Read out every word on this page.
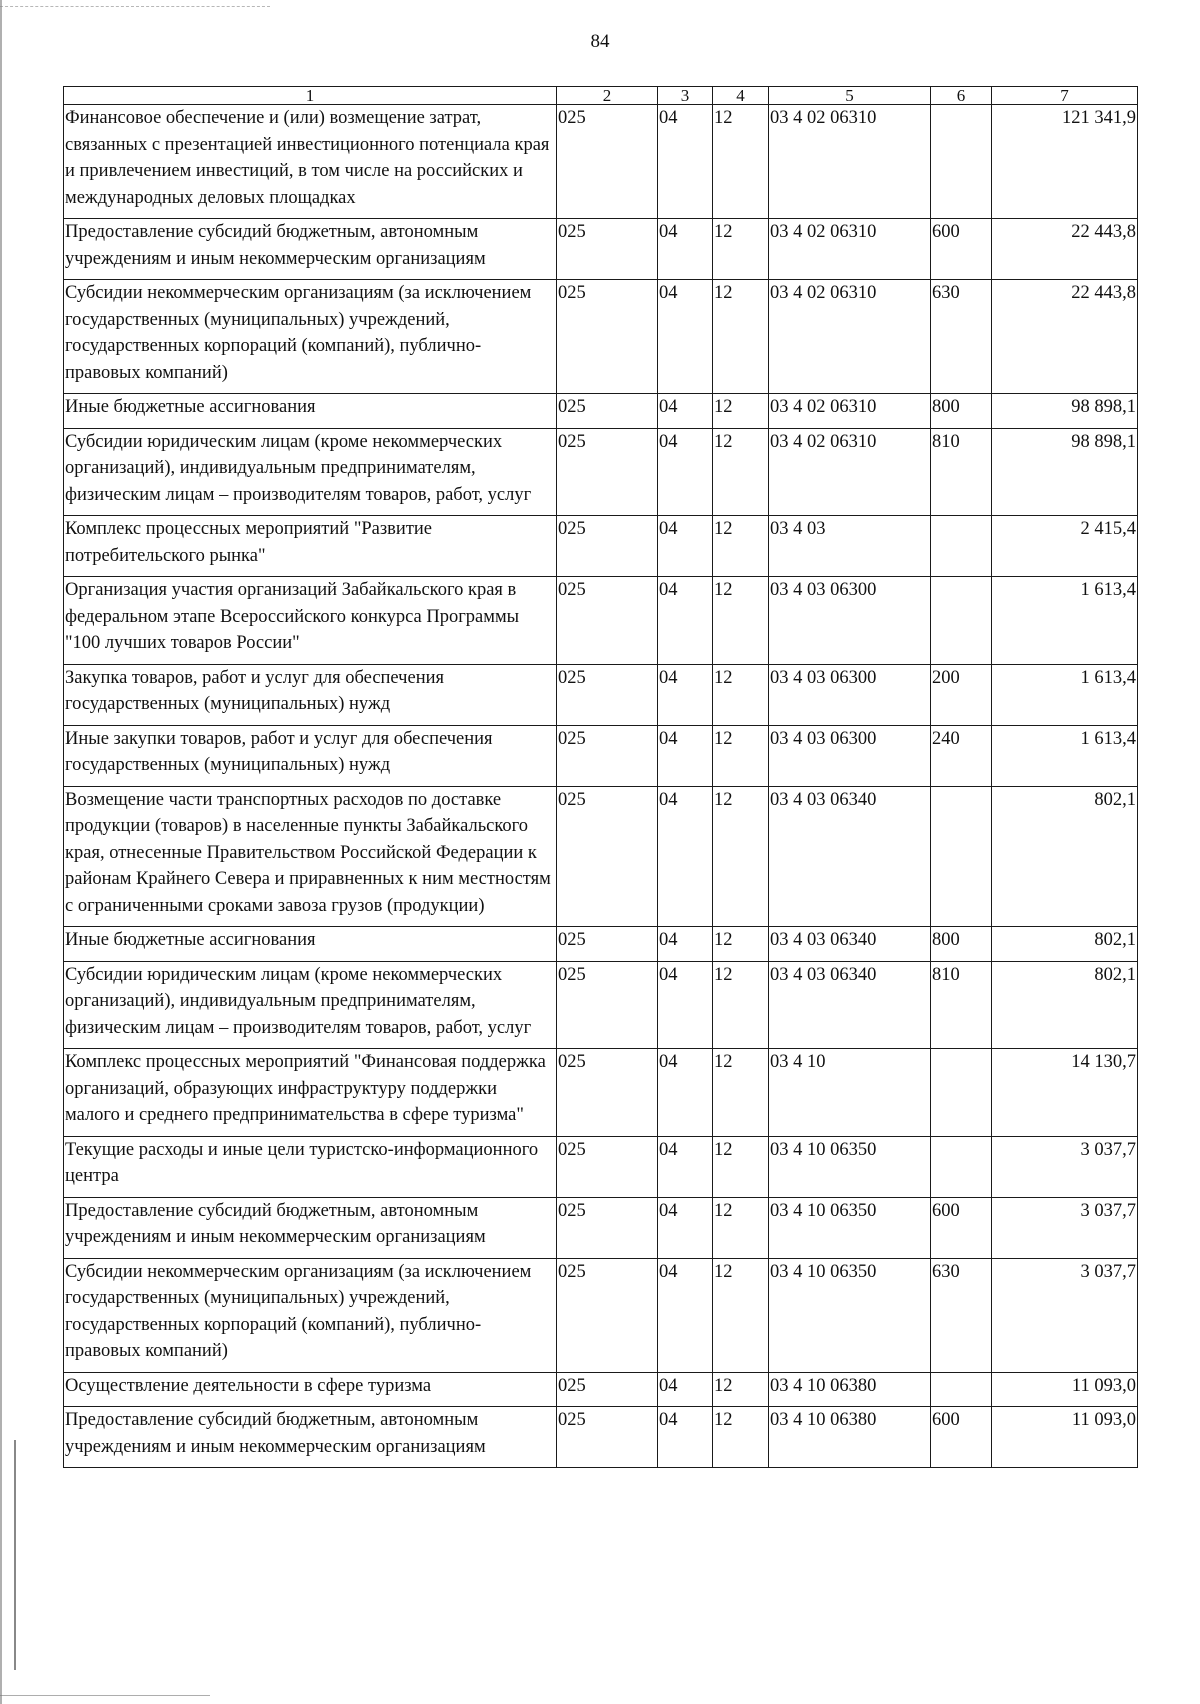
84
1	2	3	4	5	6	7
Финансовое обеспечение и (или) возмещение затрат, связанных с презентацией инвестиционного потенциала края и привлечением инвестиций, в том числе на российских и международных деловых площадках	025	04	12	03 4 02 06310		121 341,9
Предоставление субсидий бюджетным, автономным учреждениям и иным некоммерческим организациям	025	04	12	03 4 02 06310	600	22 443,8
Субсидии некоммерческим организациям (за исключением государственных (муниципальных) учреждений, государственных корпораций (компаний), публично-правовых компаний)	025	04	12	03 4 02 06310	630	22 443,8
Иные бюджетные ассигнования	025	04	12	03 4 02 06310	800	98 898,1
Субсидии юридическим лицам (кроме некоммерческих организаций), индивидуальным предпринимателям, физическим лицам – производителям товаров, работ, услуг	025	04	12	03 4 02 06310	810	98 898,1
Комплекс процессных мероприятий "Развитие потребительского рынка"	025	04	12	03 4 03		2 415,4
Организация участия организаций Забайкальского края в федеральном этапе Всероссийского конкурса Программы "100 лучших товаров России"	025	04	12	03 4 03 06300		1 613,4
Закупка товаров, работ и услуг для обеспечения государственных (муниципальных) нужд	025	04	12	03 4 03 06300	200	1 613,4
Иные закупки товаров, работ и услуг для обеспечения государственных (муниципальных) нужд	025	04	12	03 4 03 06300	240	1 613,4
Возмещение части транспортных расходов по доставке продукции (товаров) в населенные пункты Забайкальского края, отнесенные Правительством Российской Федерации к районам Крайнего Севера и приравненных к ним местностям с ограниченными сроками завоза грузов (продукции)	025	04	12	03 4 03 06340		802,1
Иные бюджетные ассигнования	025	04	12	03 4 03 06340	800	802,1
Субсидии юридическим лицам (кроме некоммерческих организаций), индивидуальным предпринимателям, физическим лицам – производителям товаров, работ, услуг	025	04	12	03 4 03 06340	810	802,1
Комплекс процессных мероприятий "Финансовая поддержка организаций, образующих инфраструктуру поддержки малого и среднего предпринимательства в сфере туризма"	025	04	12	03 4 10		14 130,7
Текущие расходы и иные цели туристско-информационного центра	025	04	12	03 4 10 06350		3 037,7
Предоставление субсидий бюджетным, автономным учреждениям и иным некоммерческим организациям	025	04	12	03 4 10 06350	600	3 037,7
Субсидии некоммерческим организациям (за исключением государственных (муниципальных) учреждений, государственных корпораций (компаний), публично-правовых компаний)	025	04	12	03 4 10 06350	630	3 037,7
Осуществление деятельности в сфере туризма	025	04	12	03 4 10 06380		11 093,0
Предоставление субсидий бюджетным, автономным учреждениям и иным некоммерческим организациям	025	04	12	03 4 10 06380	600	11 093,0
